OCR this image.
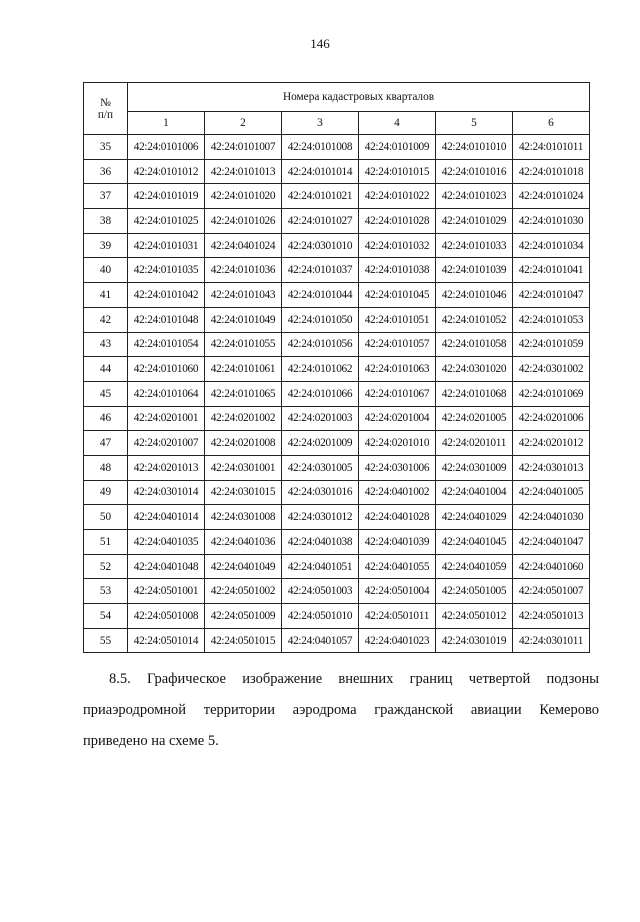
146
№
п/п	Номера кадастровых кварталов					
	1	2	3	4	5	6
35	42:24:0101006	42:24:0101007	42:24:0101008	42:24:0101009	42:24:0101010	42:24:0101011
36	42:24:0101012	42:24:0101013	42:24:0101014	42:24:0101015	42:24:0101016	42:24:0101018
37	42:24:0101019	42:24:0101020	42:24:0101021	42:24:0101022	42:24:0101023	42:24:0101024
38	42:24:0101025	42:24:0101026	42:24:0101027	42:24:0101028	42:24:0101029	42:24:0101030
39	42:24:0101031	42:24:0401024	42:24:0301010	42:24:0101032	42:24:0101033	42:24:0101034
40	42:24:0101035	42:24:0101036	42:24:0101037	42:24:0101038	42:24:0101039	42:24:0101041
41	42:24:0101042	42:24:0101043	42:24:0101044	42:24:0101045	42:24:0101046	42:24:0101047
42	42:24:0101048	42:24:0101049	42:24:0101050	42:24:0101051	42:24:0101052	42:24:0101053
43	42:24:0101054	42:24:0101055	42:24:0101056	42:24:0101057	42:24:0101058	42:24:0101059
44	42:24:0101060	42:24:0101061	42:24:0101062	42:24:0101063	42:24:0301020	42:24:0301002
45	42:24:0101064	42:24:0101065	42:24:0101066	42:24:0101067	42:24:0101068	42:24:0101069
46	42:24:0201001	42:24:0201002	42:24:0201003	42:24:0201004	42:24:0201005	42:24:0201006
47	42:24:0201007	42:24:0201008	42:24:0201009	42:24:0201010	42:24:0201011	42:24:0201012
48	42:24:0201013	42:24:0301001	42:24:0301005	42:24:0301006	42:24:0301009	42:24:0301013
49	42:24:0301014	42:24:0301015	42:24:0301016	42:24:0401002	42:24:0401004	42:24:0401005
50	42:24:0401014	42:24:0301008	42:24:0301012	42:24:0401028	42:24:0401029	42:24:0401030
51	42:24:0401035	42:24:0401036	42:24:0401038	42:24:0401039	42:24:0401045	42:24:0401047
52	42:24:0401048	42:24:0401049	42:24:0401051	42:24:0401055	42:24:0401059	42:24:0401060
53	42:24:0501001	42:24:0501002	42:24:0501003	42:24:0501004	42:24:0501005	42:24:0501007
54	42:24:0501008	42:24:0501009	42:24:0501010	42:24:0501011	42:24:0501012	42:24:0501013
55	42:24:0501014	42:24:0501015	42:24:0401057	42:24:0401023	42:24:0301019	42:24:0301011
8.5. Графическое изображение внешних границ четвертой подзоны
приаэродромной территории аэродрома гражданской авиации Кемерово
приведено на схеме 5.
